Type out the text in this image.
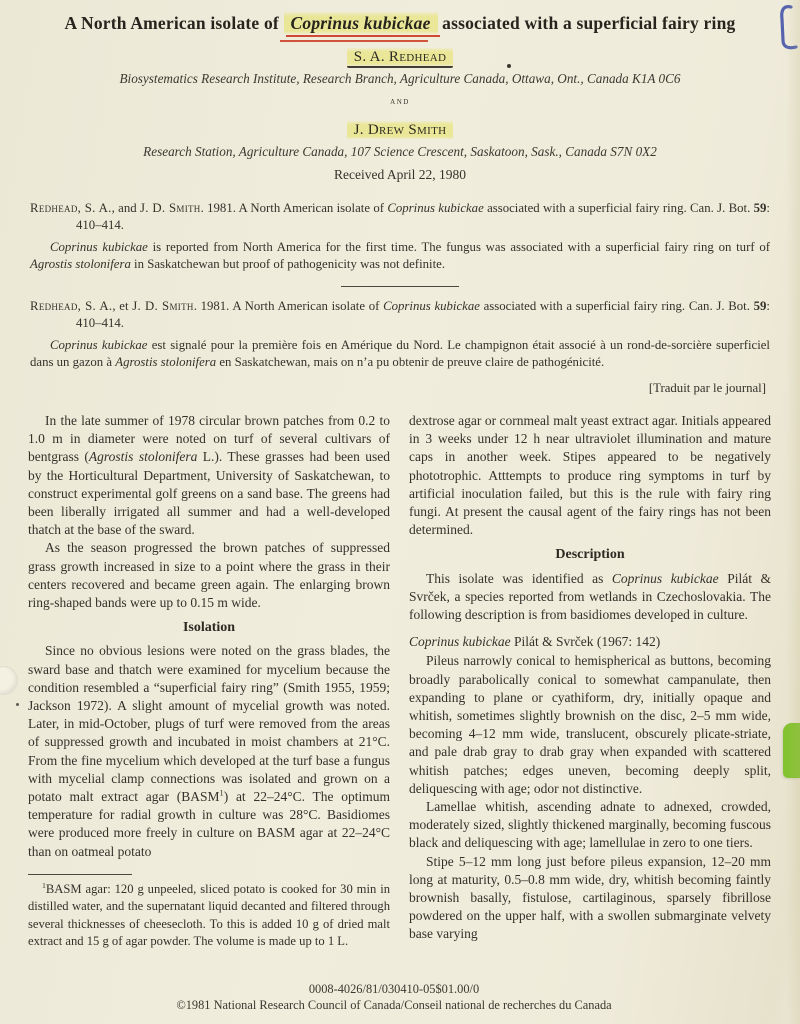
A North American isolate of Coprinus kubickae associated with a superficial fairy ring
S. A. Redhead
Biosystematics Research Institute, Research Branch, Agriculture Canada, Ottawa, Ont., Canada K1A 0C6
and
J. Drew Smith
Research Station, Agriculture Canada, 107 Science Crescent, Saskatoon, Sask., Canada S7N 0X2
Received April 22, 1980

Redhead, S. A., and J. D. Smith. 1981. A North American isolate of Coprinus kubickae associated with a superficial fairy ring. Can. J. Bot. 59: 410–414.

Coprinus kubickae is reported from North America for the first time. The fungus was associated with a superficial fairy ring on turf of Agrostis stolonifera in Saskatchewan but proof of pathogenicity was not definite.

Redhead, S. A., et J. D. Smith. 1981. A North American isolate of Coprinus kubickae associated with a superficial fairy ring. Can. J. Bot. 59: 410–414.

Coprinus kubickae est signalé pour la première fois en Amérique du Nord. Le champignon était associé à un rond-de-sorcière superficiel dans un gazon à Agrostis stolonifera en Saskatchewan, mais on n’a pu obtenir de preuve claire de pathogénicité.

[Traduit par le journal]

In the late summer of 1978 circular brown patches from 0.2 to 1.0 m in diameter were noted on turf of several cultivars of bentgrass (Agrostis stolonifera L.). These grasses had been used by the Horticultural Department, University of Saskatchewan, to construct experimental golf greens on a sand base. The greens had been liberally irrigated all summer and had a well-developed thatch at the base of the sward.

As the season progressed the brown patches of suppressed grass growth increased in size to a point where the grass in their centers recovered and became green again. The enlarging brown ring-shaped bands were up to 0.15 m wide.

Isolation

Since no obvious lesions were noted on the grass blades, the sward base and thatch were examined for mycelium because the condition resembled a “superficial fairy ring” (Smith 1955, 1959; Jackson 1972). A slight amount of mycelial growth was noted. Later, in mid-October, plugs of turf were removed from the areas of suppressed growth and incubated in moist chambers at 21°C. From the fine mycelium which developed at the turf base a fungus with mycelial clamp connections was isolated and grown on a potato malt extract agar (BASM$^1$) at 22–24°C. The optimum temperature for radial growth in culture was 28°C. Basidiomes were produced more freely in culture on BASM agar at 22–24°C than on oatmeal potato

$^1$BASM agar: 120 g unpeeled, sliced potato is cooked for 30 min in distilled water, and the supernatant liquid decanted and filtered through several thicknesses of cheesecloth. To this is added 10 g of dried malt extract and 15 g of agar powder. The volume is made up to 1 L.

dextrose agar or cornmeal malt yeast extract agar. Initials appeared in 3 weeks under 12 h near ultraviolet illumination and mature caps in another week. Stipes appeared to be negatively phototrophic. Atttempts to produce ring symptoms in turf by artificial inoculation failed, but this is the rule with fairy ring fungi. At present the causal agent of the fairy rings has not been determined.

Description

This isolate was identified as Coprinus kubickae Pilát & Svrček, a species reported from wetlands in Czechoslovakia. The following description is from basidiomes developed in culture.

Coprinus kubickae Pilát & Svrček (1967: 142)

Pileus narrowly conical to hemispherical as buttons, becoming broadly parabolically conical to somewhat campanulate, then expanding to plane or cyathiform, dry, initially opaque and whitish, sometimes slightly brownish on the disc, 2–5 mm wide, becoming 4–12 mm wide, translucent, obscurely plicate-striate, and pale drab gray to drab gray when expanded with scattered whitish patches; edges uneven, becoming deeply split, deliquescing with age; odor not distinctive.

Lamellae whitish, ascending adnate to adnexed, crowded, moderately sized, slightly thickened marginally, becoming fuscous black and deliquescing with age; lamellulae in zero to one tiers.

Stipe 5–12 mm long just before pileus expansion, 12–20 mm long at maturity, 0.5–0.8 mm wide, dry, whitish becoming faintly brownish basally, fistulose, cartilaginous, sparsely fibrillose powdered on the upper half, with a swollen submarginate velvety base varying

0008-4026/81/030410-05$01.00/0
©1981 National Research Council of Canada/Conseil national de recherches du Canada
